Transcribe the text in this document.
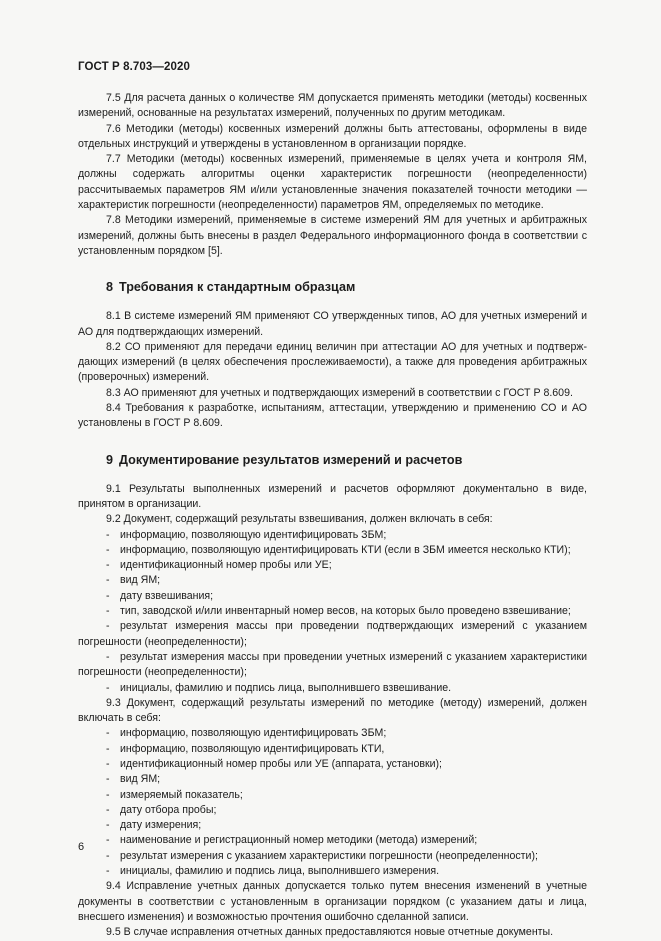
ГОСТ Р 8.703—2020

7.5 Для расчета данных о количестве ЯМ допускается применять методики (методы) косвенных измерений, основанные на результатах измерений, полученных по другим методикам.

7.6 Методики (методы) косвенных измерений должны быть аттестованы, оформлены в виде отдельных инструкций и утверждены в установленном в организации порядке.

7.7 Методики (методы) косвенных измерений, применяемые в целях учета и контроля ЯМ, должны содержать алгоритмы оценки характеристик погрешности (неопределенности) рассчитываемых параметров ЯМ и/или установленные значения показателей точности методики — характеристик погрешности (неопределенности) параметров ЯМ, определяемых по методике.

7.8 Методики измерений, применяемые в системе измерений ЯМ для учетных и арбитражных измерений, должны быть внесены в раздел Федерального информационного фонда в соответствии с установленным порядком [5].

8 Требования к стандартным образцам

8.1 В системе измерений ЯМ применяют СО утвержденных типов, АО для учетных измерений и АО для подтверждающих измерений.

8.2 СО применяют для передачи единиц величин при аттестации АО для учетных и подтверж-дающих измерений (в целях обеспечения прослеживаемости), а также для проведения арбитражных (проверочных) измерений.

8.3 АО применяют для учетных и подтверждающих измерений в соответствии с ГОСТ Р 8.609.

8.4 Требования к разработке, испытаниям, аттестации, утверждению и применению СО и АО установлены в ГОСТ Р 8.609.

9 Документирование результатов измерений и расчетов

9.1 Результаты выполненных измерений и расчетов оформляют документально в виде, принятом в организации.

9.2 Документ, содержащий результаты взвешивания, должен включать в себя:

- информацию, позволяющую идентифицировать ЗБМ;

- информацию, позволяющую идентифицировать КТИ (если в ЗБМ имеется несколько КТИ);

- идентификационный номер пробы или УЕ;

- вид ЯМ;

- дату взвешивания;

- тип, заводской и/или инвентарный номер весов, на которых было проведено взвешивание;

- результат измерения массы при проведении подтверждающих измерений с указанием погрешности (неопределенности);

- результат измерения массы при проведении учетных измерений с указанием характеристики погрешности (неопределенности);

- инициалы, фамилию и подпись лица, выполнившего взвешивание.

9.3 Документ, содержащий результаты измерений по методике (методу) измерений, должен включать в себя:

- информацию, позволяющую идентифицировать ЗБМ;

- информацию, позволяющую идентифицировать КТИ,

- идентификационный номер пробы или УЕ (аппарата, установки);

- вид ЯМ;

- измеряемый показатель;

- дату отбора пробы;

- дату измерения;

- наименование и регистрационный номер методики (метода) измерений;

- результат измерения с указанием характеристики погрешности (неопределенности);

- инициалы, фамилию и подпись лица, выполнившего измерения.

9.4 Исправление учетных данных допускается только путем внесения изменений в учетные документы в соответствии с установленным в организации порядком (с указанием даты и лица, внесшего изменения) и возможностью прочтения ошибочно сделанной записи.

9.5 В случае исправления отчетных данных предоставляются новые отчетные документы.

6
